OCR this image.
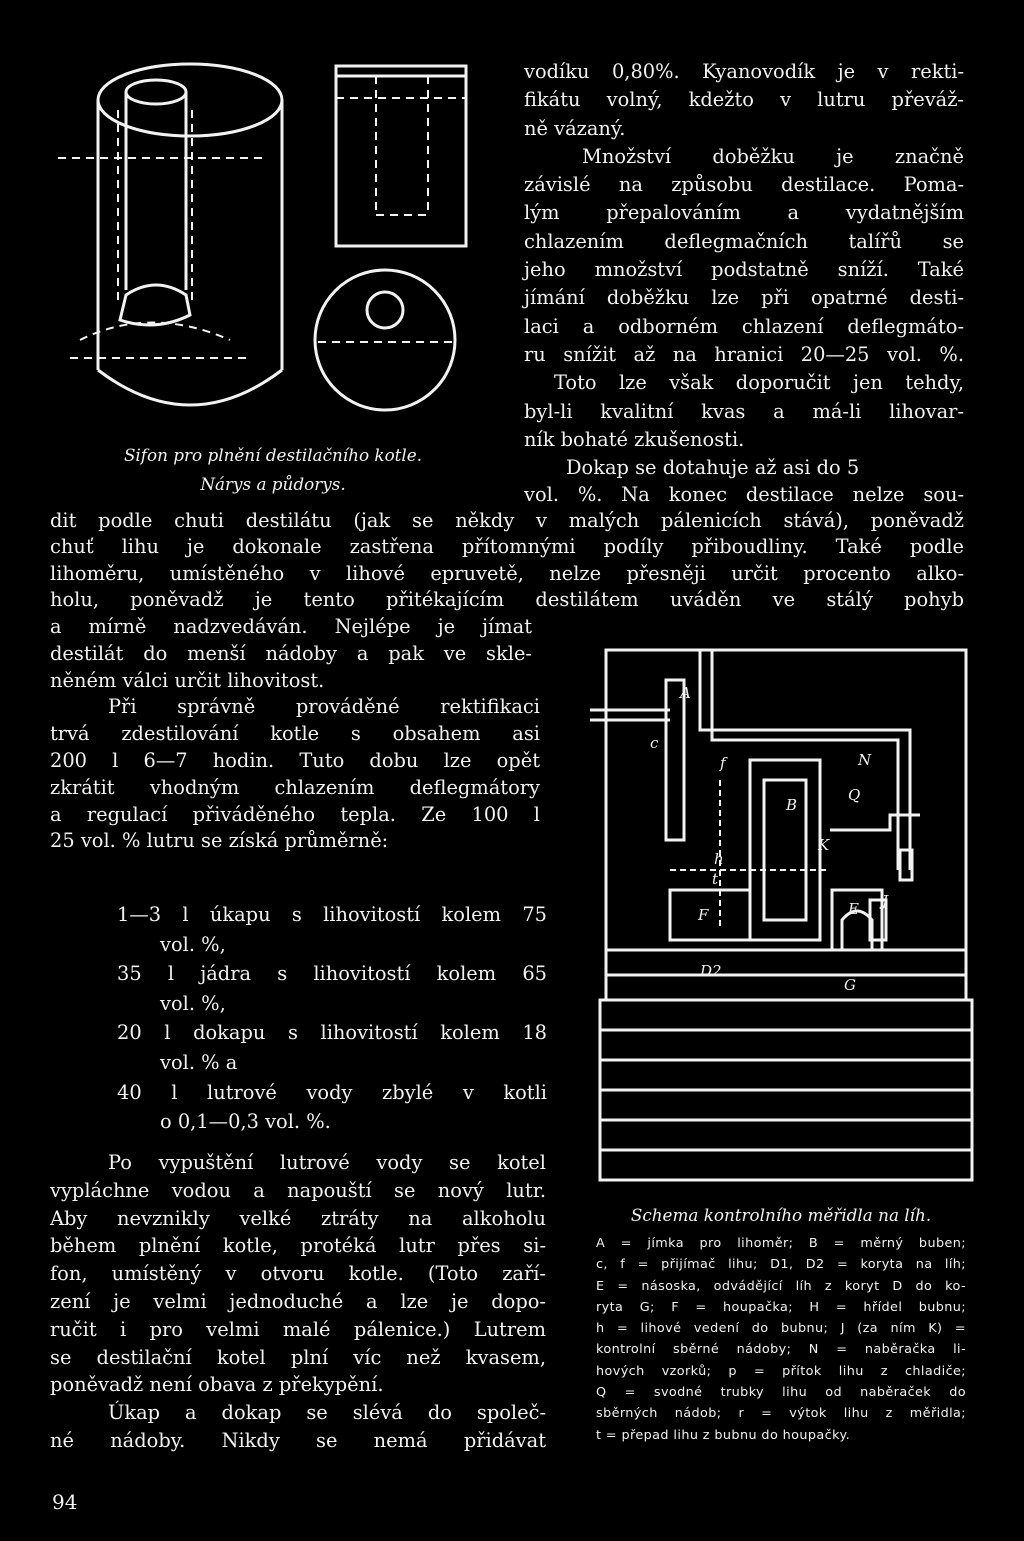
Sifon pro plnění destilačního kotle.
Nárys a půdorys.

vodíku 0,80%. Kyanovodík je v rekti-
fikátu volný, kdežto v lutru převáž-
ně vázaný.
Množství doběžku je značně
závislé na způsobu destilace. Poma-
lým přepalováním a vydatnějším
chlazením deflegmačních talířů se
jeho množství podstatně sníží. Také
jímání doběžku lze při opatrné desti-
laci a odborném chlazení deflegmáto-
ru snížit až na hranici 20—25 vol. %.
Toto lze však doporučit jen tehdy,
byl-li kvalitní kvas a má-li lihovar-
ník bohaté zkušenosti.
Dokap se dotahuje až asi do 5

vol. %. Na konec destilace nelze sou-

dit podle chuti destilátu (jak se někdy v malých pálenicích stává), poněvadž

chuť lihu je dokonale zastřena přítomnými podíly přiboudliny. Také podle

lihoměru, umístěného v lihové epruvetě, nelze přesněji určit procento alko-

holu, poněvadž je tento přitékajícím destilátem uváděn ve stálý pohyb

a mírně nadzvedáván. Nejlépe je jímat

destilát do menší nádoby a pak ve skle-

něném válci určit lihovitost.

Při správně prováděné rektifikaci

trvá zdestilování kotle s obsahem asi

200 l 6—7 hodin. Tuto dobu lze opět

zkrátit vhodným chlazením deflegmátory

a regulací přiváděného tepla. Ze 100 l

25 vol. % lutru se získá průměrně:

1—3 l úkapu s lihovitostí kolem 75

vol. %,

35 l jádra s lihovitostí kolem 65

vol. %,

20 l dokapu s lihovitostí kolem 18

vol. % a

40 l lutrové vody zbylé v kotli

o 0,1—0,3 vol. %.

Po vypuštění lutrové vody se kotel

vypláchne vodou a napouští se nový lutr.

Aby nevznikly velké ztráty na alkoholu

během plnění kotle, protéká lutr přes si-

fon, umístěný v otvoru kotle. (Toto zaří-

zení je velmi jednoduché a lze je dopo-

ručit i pro velmi malé pálenice.) Lutrem

se destilační kotel plní víc než kvasem,

poněvadž není obava z překypění.

Úkap a dokap se slévá do společ-

né nádoby. Nikdy se nemá přidávat

A
c
f
B
N
Q
K
h
t
F
D2
E J
G

Schema kontrolního měřidla na líh.

A = jímka pro lihoměr; B = měrný buben;

c, f = přijímač lihu; D1, D2 = koryta na líh;

E = násoska, odvádějící líh z koryt D do ko-

ryta G; F = houpačka; H = hřídel bubnu;

h = lihové vedení do bubnu; J (za ním K) =

kontrolní sběrné nádoby; N = naběračka li-

hových vzorků; p = přítok lihu z chladiče;

Q = svodné trubky lihu od naběraček do

sběrných nádob; r = výtok lihu z měřidla;

t = přepad lihu z bubnu do houpačky.

94
